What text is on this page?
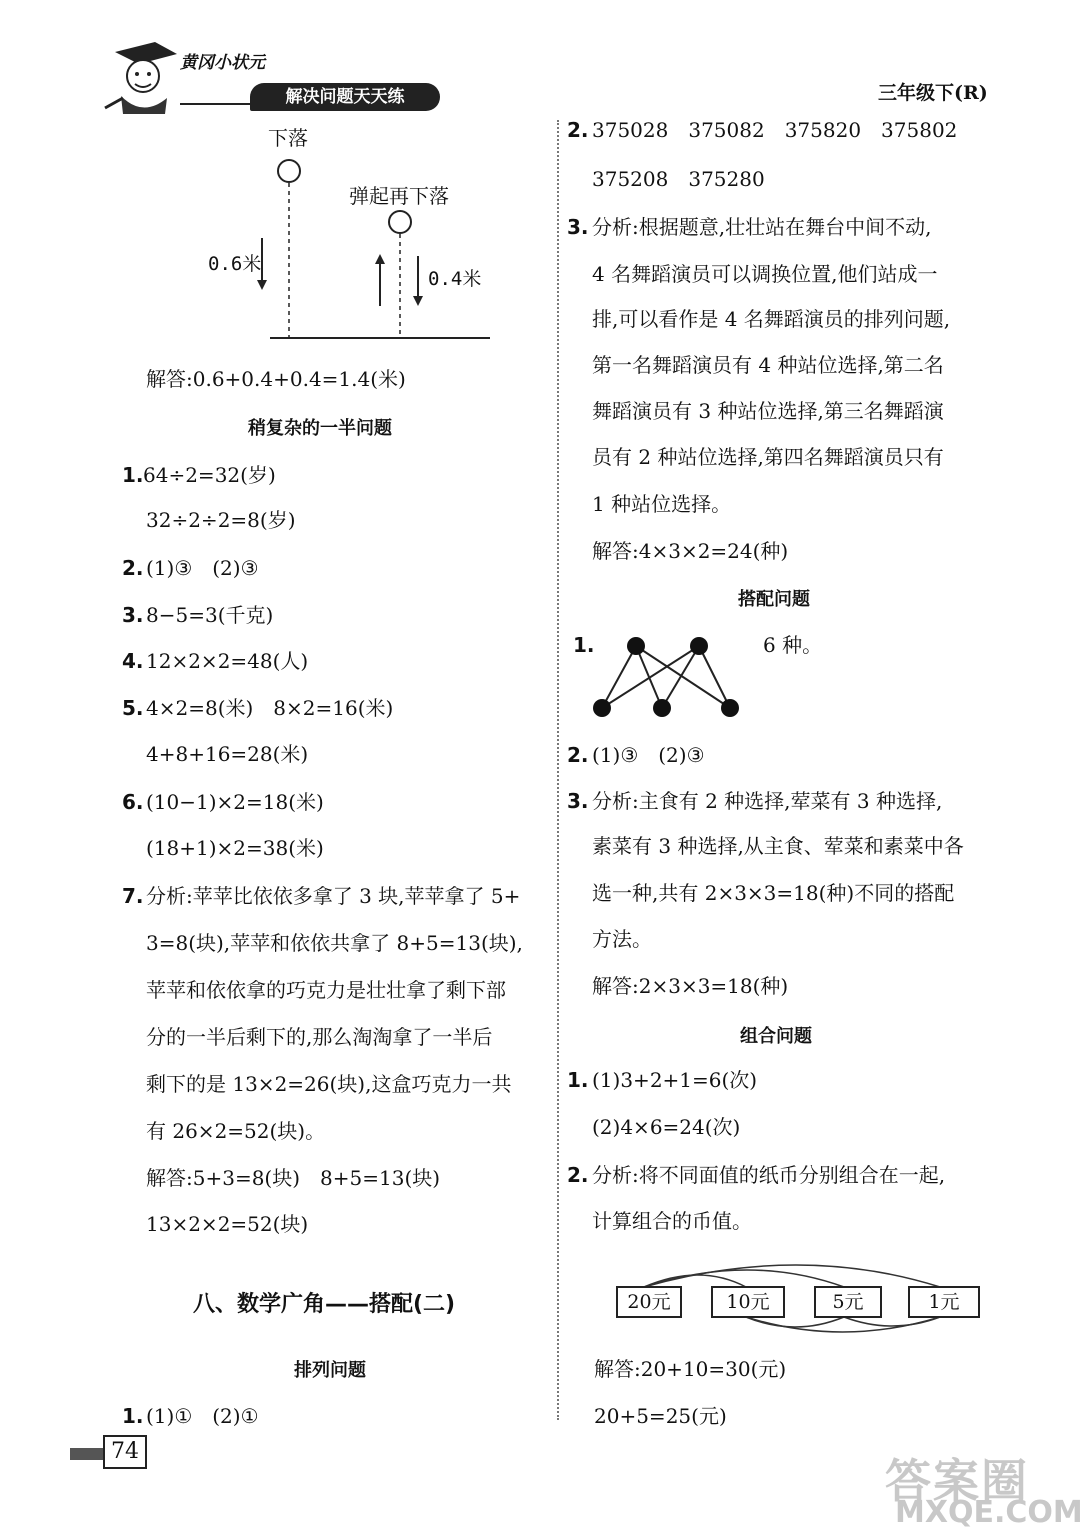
黄冈小状元
解决问题天天练	三年级下(R)
下落
弹起再下落
0.6米
0.4米
解答:0.6+0.4+0.4=1.4(米)
稍复杂的一半问题
1. 64÷2=32(岁)
32÷2÷2=8(岁)
2. (1)③　(2)③
3. 8−5=3(千克)
4. 12×2×2=48(人)
5. 4×2=8(米)　8×2=16(米)
4+8+16=28(米)
6. (10−1)×2=18(米)
(18+1)×2=38(米)
7. 分析:苹苹比依依多拿了 3 块,苹苹拿了 5+
3=8(块),苹苹和依依共拿了 8+5=13(块),
苹苹和依依拿的巧克力是壮壮拿了剩下部
分的一半后剩下的,那么淘淘拿了一半后
剩下的是 13×2=26(块),这盒巧克力一共
有 26×2=52(块)。
解答:5+3=8(块)　8+5=13(块)
13×2×2=52(块)
八、数学广角——搭配(二)
排列问题
1. (1)①　(2)①
2. 375028　375082　375820　375802
375208　375280
3. 分析:根据题意,壮壮站在舞台中间不动,
4 名舞蹈演员可以调换位置,他们站成一
排,可以看作是 4 名舞蹈演员的排列问题,
第一名舞蹈演员有 4 种站位选择,第二名
舞蹈演员有 3 种站位选择,第三名舞蹈演
员有 2 种站位选择,第四名舞蹈演员只有
1 种站位选择。
解答:4×3×2=24(种)
搭配问题
1.	6 种。
2. (1)③　(2)③
3. 分析:主食有 2 种选择,荤菜有 3 种选择,
素菜有 3 种选择,从主食、荤菜和素菜中各
选一种,共有 2×3×3=18(种)不同的搭配
方法。
解答:2×3×3=18(种)
组合问题
1. (1)3+2+1=6(次)
(2)4×6=24(次)
2. 分析:将不同面值的纸币分别组合在一起,
计算组合的币值。
20元	10元	5元	1元
解答:20+10=30(元)
20+5=25(元)
74
答案圈
MXQE.COM
